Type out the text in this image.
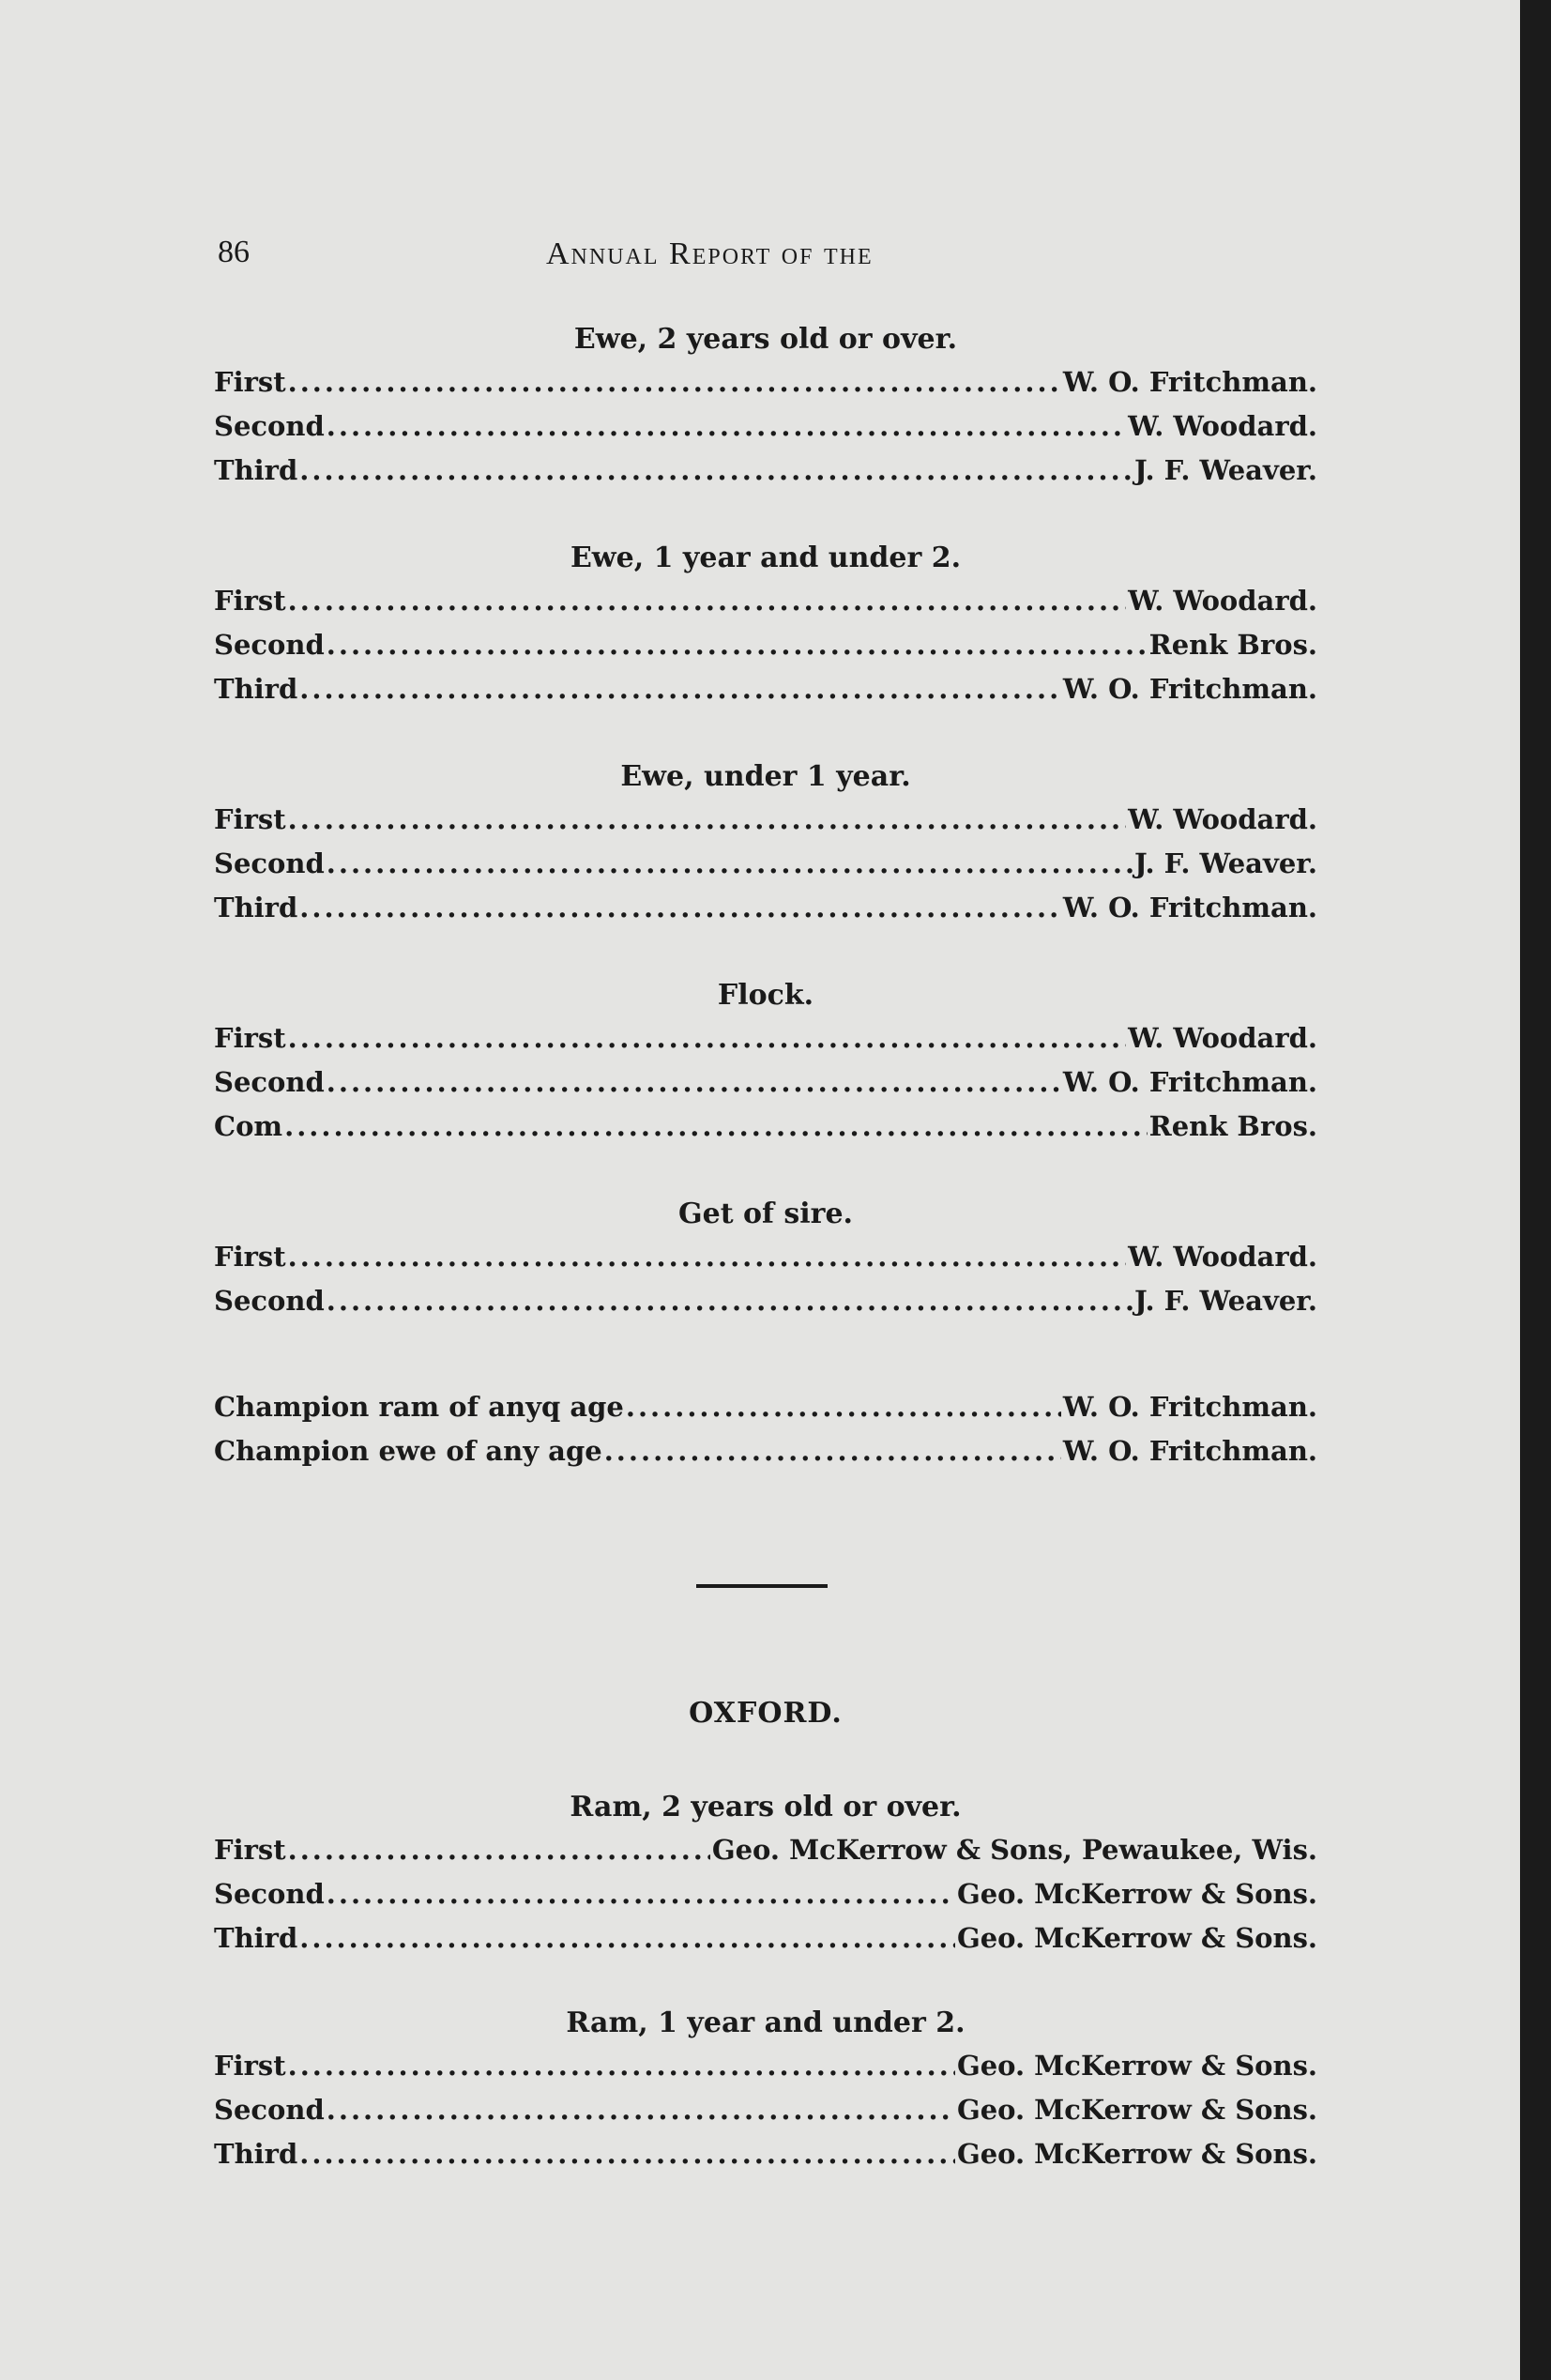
86	Annual Report of the
Ewe, 2 years old or over.
First .....	W. O. Fritchman.
Second .....	W. Woodard.
Third .....	J. F. Weaver.
Ewe, 1 year and under 2.
First .....	W. Woodard.
Second .....	Renk Bros.
Third .....	W. O. Fritchman.
Ewe, under 1 year.
First .....	W. Woodard.
Second .....	J. F. Weaver.
Third .....	W. O. Fritchman.
Flock.
First .....	W. Woodard.
Second .....	W. O. Fritchman.
Com .....	Renk Bros.
Get of sire.
First .....	W. Woodard.
Second .....	J. F. Weaver.
Champion ram of anyq age .....	W. O. Fritchman.
Champion ewe of any age .....	W. O. Fritchman.
OXFORD.
Ram, 2 years old or over.
First .....	Geo. McKerrow & Sons, Pewaukee, Wis.
Second .....	Geo. McKerrow & Sons.
Third .....	Geo. McKerrow & Sons.
Ram, 1 year and under 2.
First .....	Geo. McKerrow & Sons.
Second .....	Geo. McKerrow & Sons.
Third .....	Geo. McKerrow & Sons.
